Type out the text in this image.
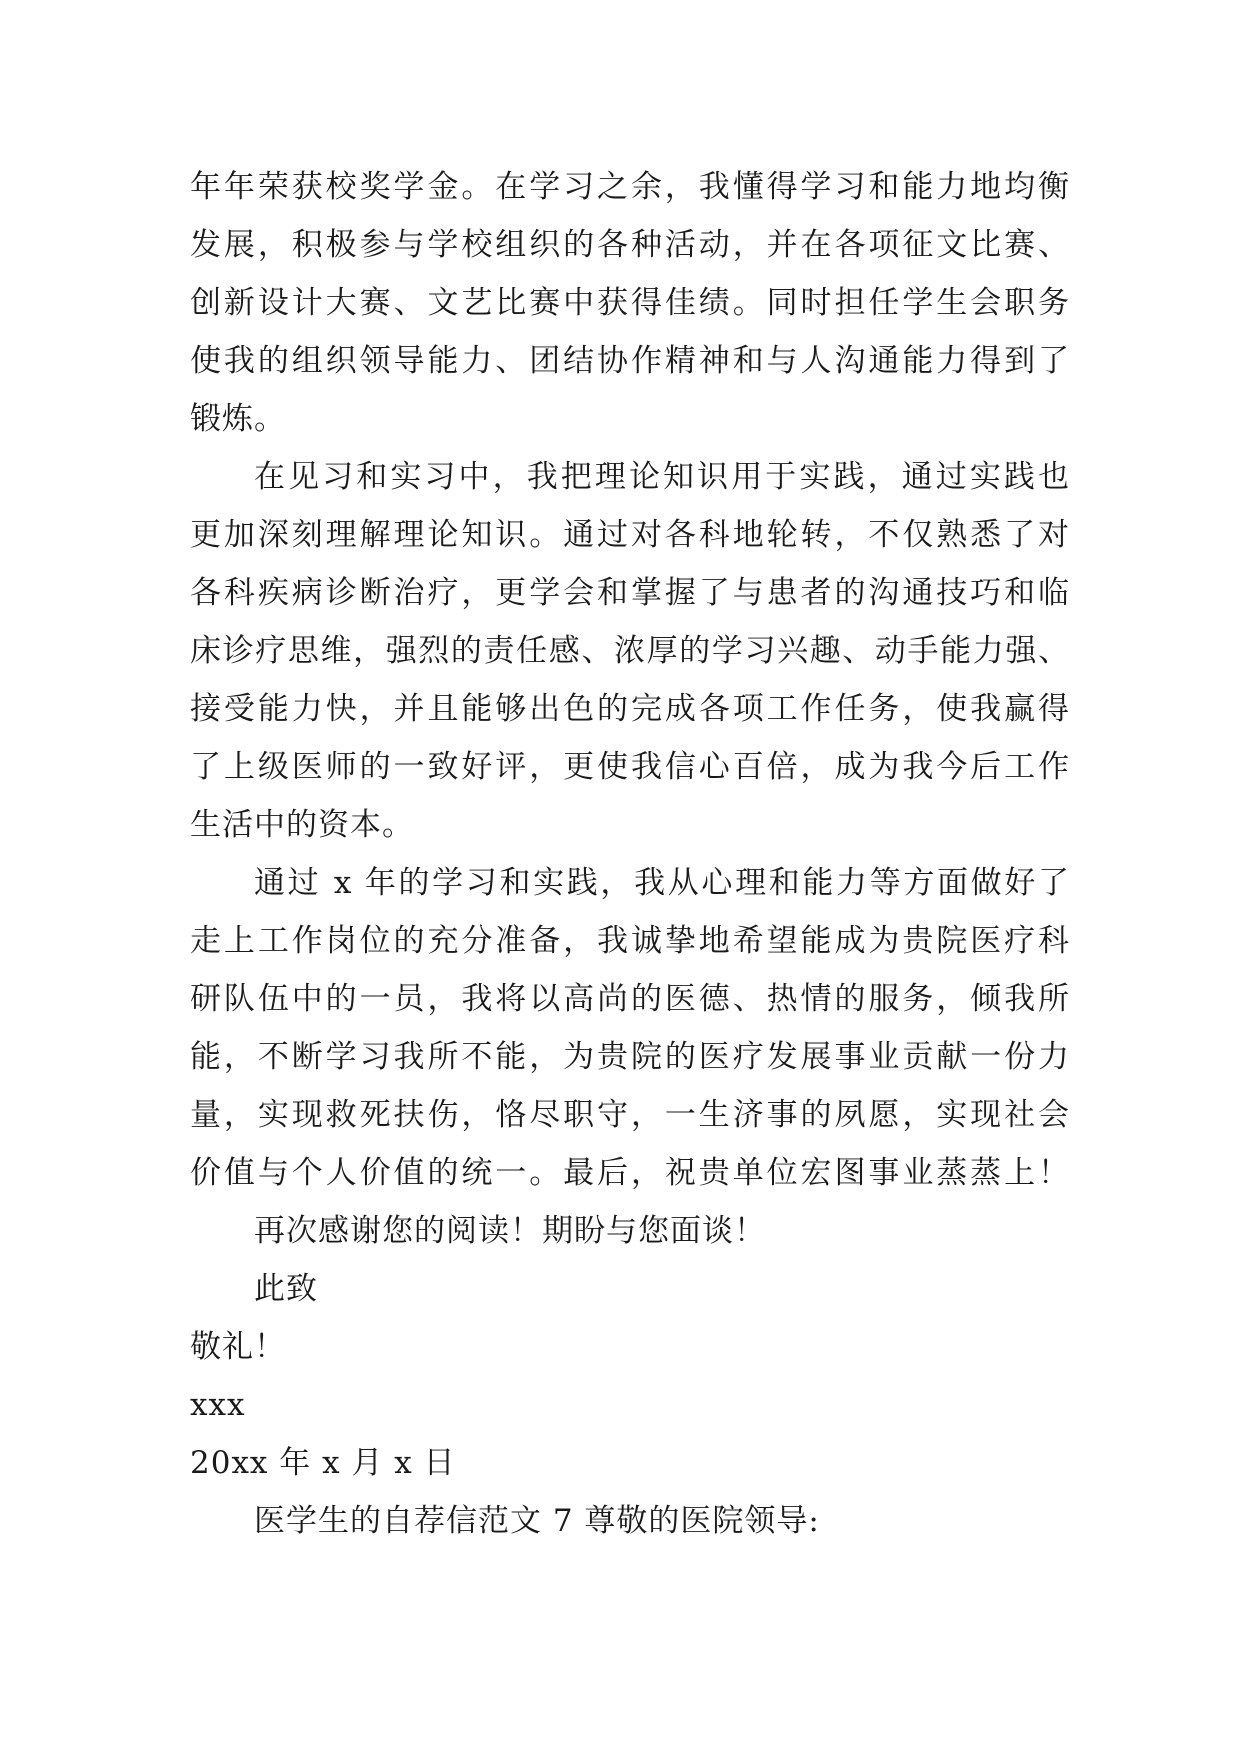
年年荣获校奖学金。在学习之余，我懂得学习和能力地均衡
发展，积极参与学校组织的各种活动，并在各项征文比赛、
创新设计大赛、文艺比赛中获得佳绩。同时担任学生会职务
使我的组织领导能力、团结协作精神和与人沟通能力得到了
锻炼。
在见习和实习中，我把理论知识用于实践，通过实践也
更加深刻理解理论知识。通过对各科地轮转，不仅熟悉了对
各科疾病诊断治疗，更学会和掌握了与患者的沟通技巧和临
床诊疗思维，强烈的责任感、浓厚的学习兴趣、动手能力强、
接受能力快，并且能够出色的完成各项工作任务，使我赢得
了上级医师的一致好评，更使我信心百倍，成为我今后工作
生活中的资本。
通过 x 年的学习和实践，我从心理和能力等方面做好了
走上工作岗位的充分准备，我诚挚地希望能成为贵院医疗科
研队伍中的一员，我将以高尚的医德、热情的服务，倾我所
能，不断学习我所不能，为贵院的医疗发展事业贡献一份力
量，实现救死扶伤，恪尽职守，一生济事的夙愿，实现社会
价值与个人价值的统一。最后，祝贵单位宏图事业蒸蒸上！
再次感谢您的阅读！期盼与您面谈！
此致
敬礼！
xxx
20xx 年 x 月 x 日
医学生的自荐信范文 7 尊敬的医院领导:
